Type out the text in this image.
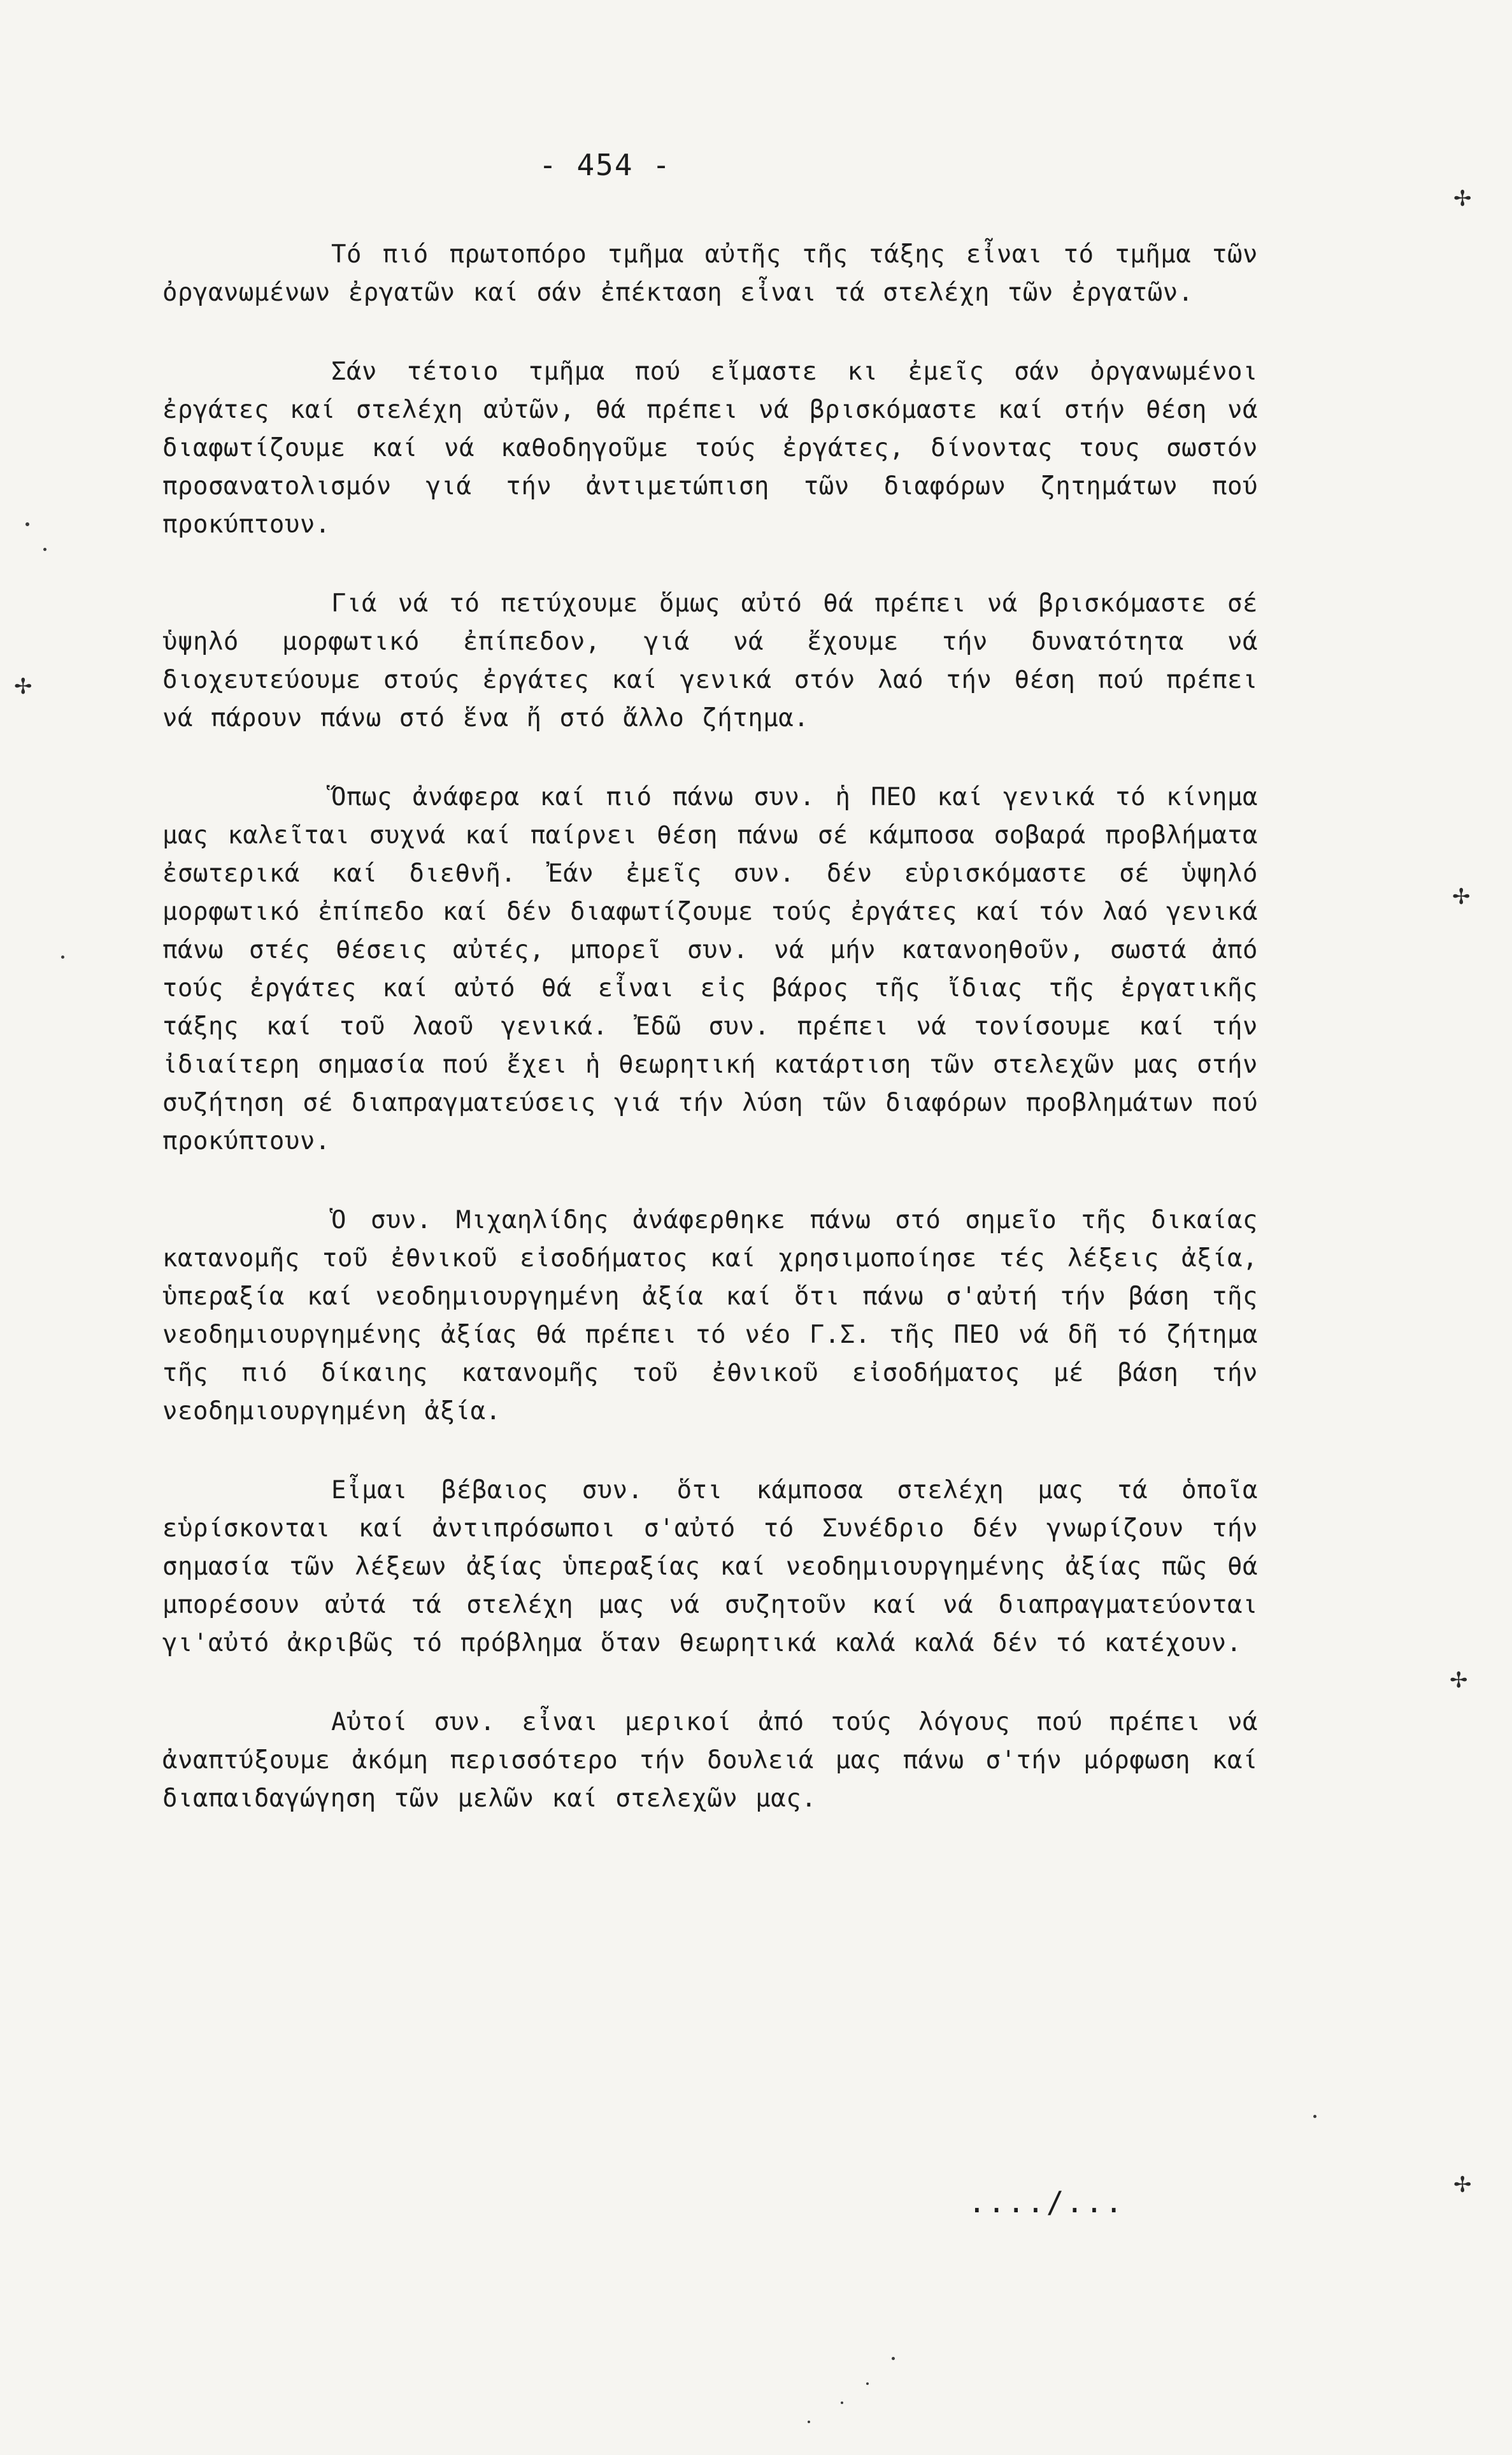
- 454 -

Τό πιό πρωτοπόρο τμῆμα αὐτῆς τῆς τάξης εἶναι τό τμῆμα τῶν ὀργανωμένων ἐργατῶν καί σάν ἐπέκταση εἶναι τά στελέχη τῶν ἐργατῶν.

Σάν τέτοιο τμῆμα πού εἴμαστε κι ἐμεῖς σάν ὀργανωμένοι ἐργάτες καί στελέχη αὐτῶν, θά πρέπει νά βρισκόμαστε καί στήν θέση νά διαφωτίζουμε καί νά καθοδηγοῦμε τούς ἐργάτες, δίνοντας τους σωστόν προσανατολισμόν γιά τήν ἀντιμετώπιση τῶν διαφόρων ζητημάτων πού προκύπτουν.

Γιά νά τό πετύχουμε ὅμως αὐτό θά πρέπει νά βρισκόμαστε σέ ὑψηλό μορφωτικό ἐπίπεδον, γιά νά ἔχουμε τήν δυνατότητα νά διοχευτεύουμε στούς ἐργάτες καί γενικά στόν λαό τήν θέση πού πρέπει νά πάρουν πάνω στό ἕνα ἤ στό ἄλλο ζήτημα.

Ὅπως ἀνάφερα καί πιό πάνω συν. ἡ ΠΕΟ καί γενικά τό κίνημα μας καλεῖται συχνά καί παίρνει θέση πάνω σέ κάμποσα σοβαρά προβλήματα ἐσωτερικά καί διεθνῆ. Ἐάν ἐμεῖς συν. δέν εὑρισκόμαστε σέ ὑψηλό μορφωτικό ἐπίπεδο καί δέν διαφωτίζουμε τούς ἐργάτες καί τόν λαό γενικά πάνω στές θέσεις αὐτές, μπορεῖ συν. νά μήν κατανοηθοῦν, σωστά ἀπό τούς ἐργάτες καί αὐτό θά εἶναι εἰς βάρος τῆς ἴδιας τῆς ἐργατικῆς τάξης καί τοῦ λαοῦ γενικά. Ἐδῶ συν. πρέπει νά τονίσουμε καί τήν ἰδιαίτερη σημασία πού ἔχει ἡ θεωρητική κατάρτιση τῶν στελεχῶν μας στήν συζήτηση σέ διαπραγματεύσεις γιά τήν λύση τῶν διαφόρων προβλημάτων πού προκύπτουν.

Ὁ συν. Μιχαηλίδης ἀνάφερθηκε πάνω στό σημεῖο τῆς δικαίας κατανομῆς τοῦ ἐθνικοῦ εἰσοδήματος καί χρησιμοποίησε τές λέξεις ἀξία, ὑπεραξία καί νεοδημιουργημένη ἀξία καί ὅτι πάνω σ'αὐτή τήν βάση τῆς νεοδημιουργημένης ἀξίας θά πρέπει τό νέο Γ.Σ. τῆς ΠΕΟ νά δῆ τό ζήτημα τῆς πιό δίκαιης κατανομῆς τοῦ ἐθνικοῦ εἰσοδήματος μέ βάση τήν νεοδημιουργημένη ἀξία.

Εἶμαι βέβαιος συν. ὅτι κάμποσα στελέχη μας τά ὁποῖα εὑρίσκονται καί ἀντιπρόσωποι σ'αὐτό τό Συνέδριο δέν γνωρίζουν τήν σημασία τῶν λέξεων ἀξίας ὑπεραξίας καί νεοδημιουργημένης ἀξίας πῶς θά μπορέσουν αὐτά τά στελέχη μας νά συζητοῦν καί νά διαπραγματεύονται γι'αὐτό ἀκριβῶς τό πρόβλημα ὅταν θεωρητικά καλά καλά δέν τό κατέχουν.

Αὐτοί συν. εἶναι μερικοί ἀπό τούς λόγους πού πρέπει νά ἀναπτύξουμε ἀκόμη περισσότερο τήν δουλειά μας πάνω σ'τήν μόρφωση καί διαπαιδαγώγηση τῶν μελῶν καί στελεχῶν μας.

..../...
✢
✢
✢
✢
✢
